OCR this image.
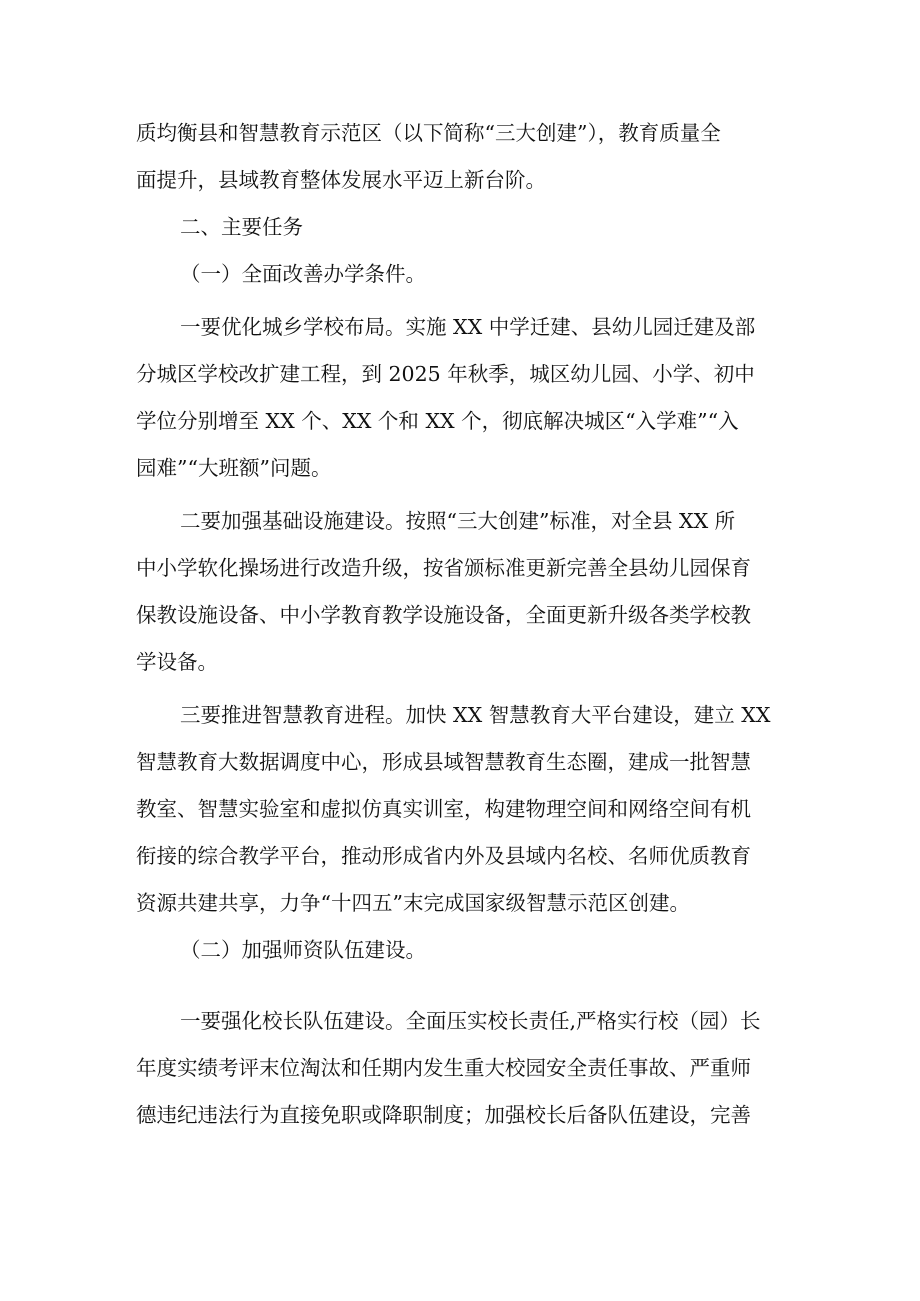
质均衡县和智慧教育示范区（以下简称“三大创建”），教育质量全
面提升，县域教育整体发展水平迈上新台阶。
二、主要任务
（一）全面改善办学条件。
一要优化城乡学校布局。实施 XX 中学迁建、县幼儿园迁建及部
分城区学校改扩建工程，到 2025 年秋季，城区幼儿园、小学、初中
学位分别增至 XX 个、XX 个和 XX 个，彻底解决城区“入学难”“入
园难”“大班额”问题。
二要加强基础设施建设。按照“三大创建”标准，对全县 XX 所
中小学软化操场进行改造升级，按省颁标准更新完善全县幼儿园保育
保教设施设备、中小学教育教学设施设备，全面更新升级各类学校教
学设备。
三要推进智慧教育进程。加快 XX 智慧教育大平台建设，建立 XX
智慧教育大数据调度中心，形成县域智慧教育生态圈，建成一批智慧
教室、智慧实验室和虚拟仿真实训室，构建物理空间和网络空间有机
衔接的综合教学平台，推动形成省内外及县域内名校、名师优质教育
资源共建共享，力争“十四五”末完成国家级智慧示范区创建。
（二）加强师资队伍建设。
一要强化校长队伍建设。全面压实校长责任,严格实行校（园）长
年度实绩考评末位淘汰和任期内发生重大校园安全责任事故、严重师
德违纪违法行为直接免职或降职制度；加强校长后备队伍建设，完善
